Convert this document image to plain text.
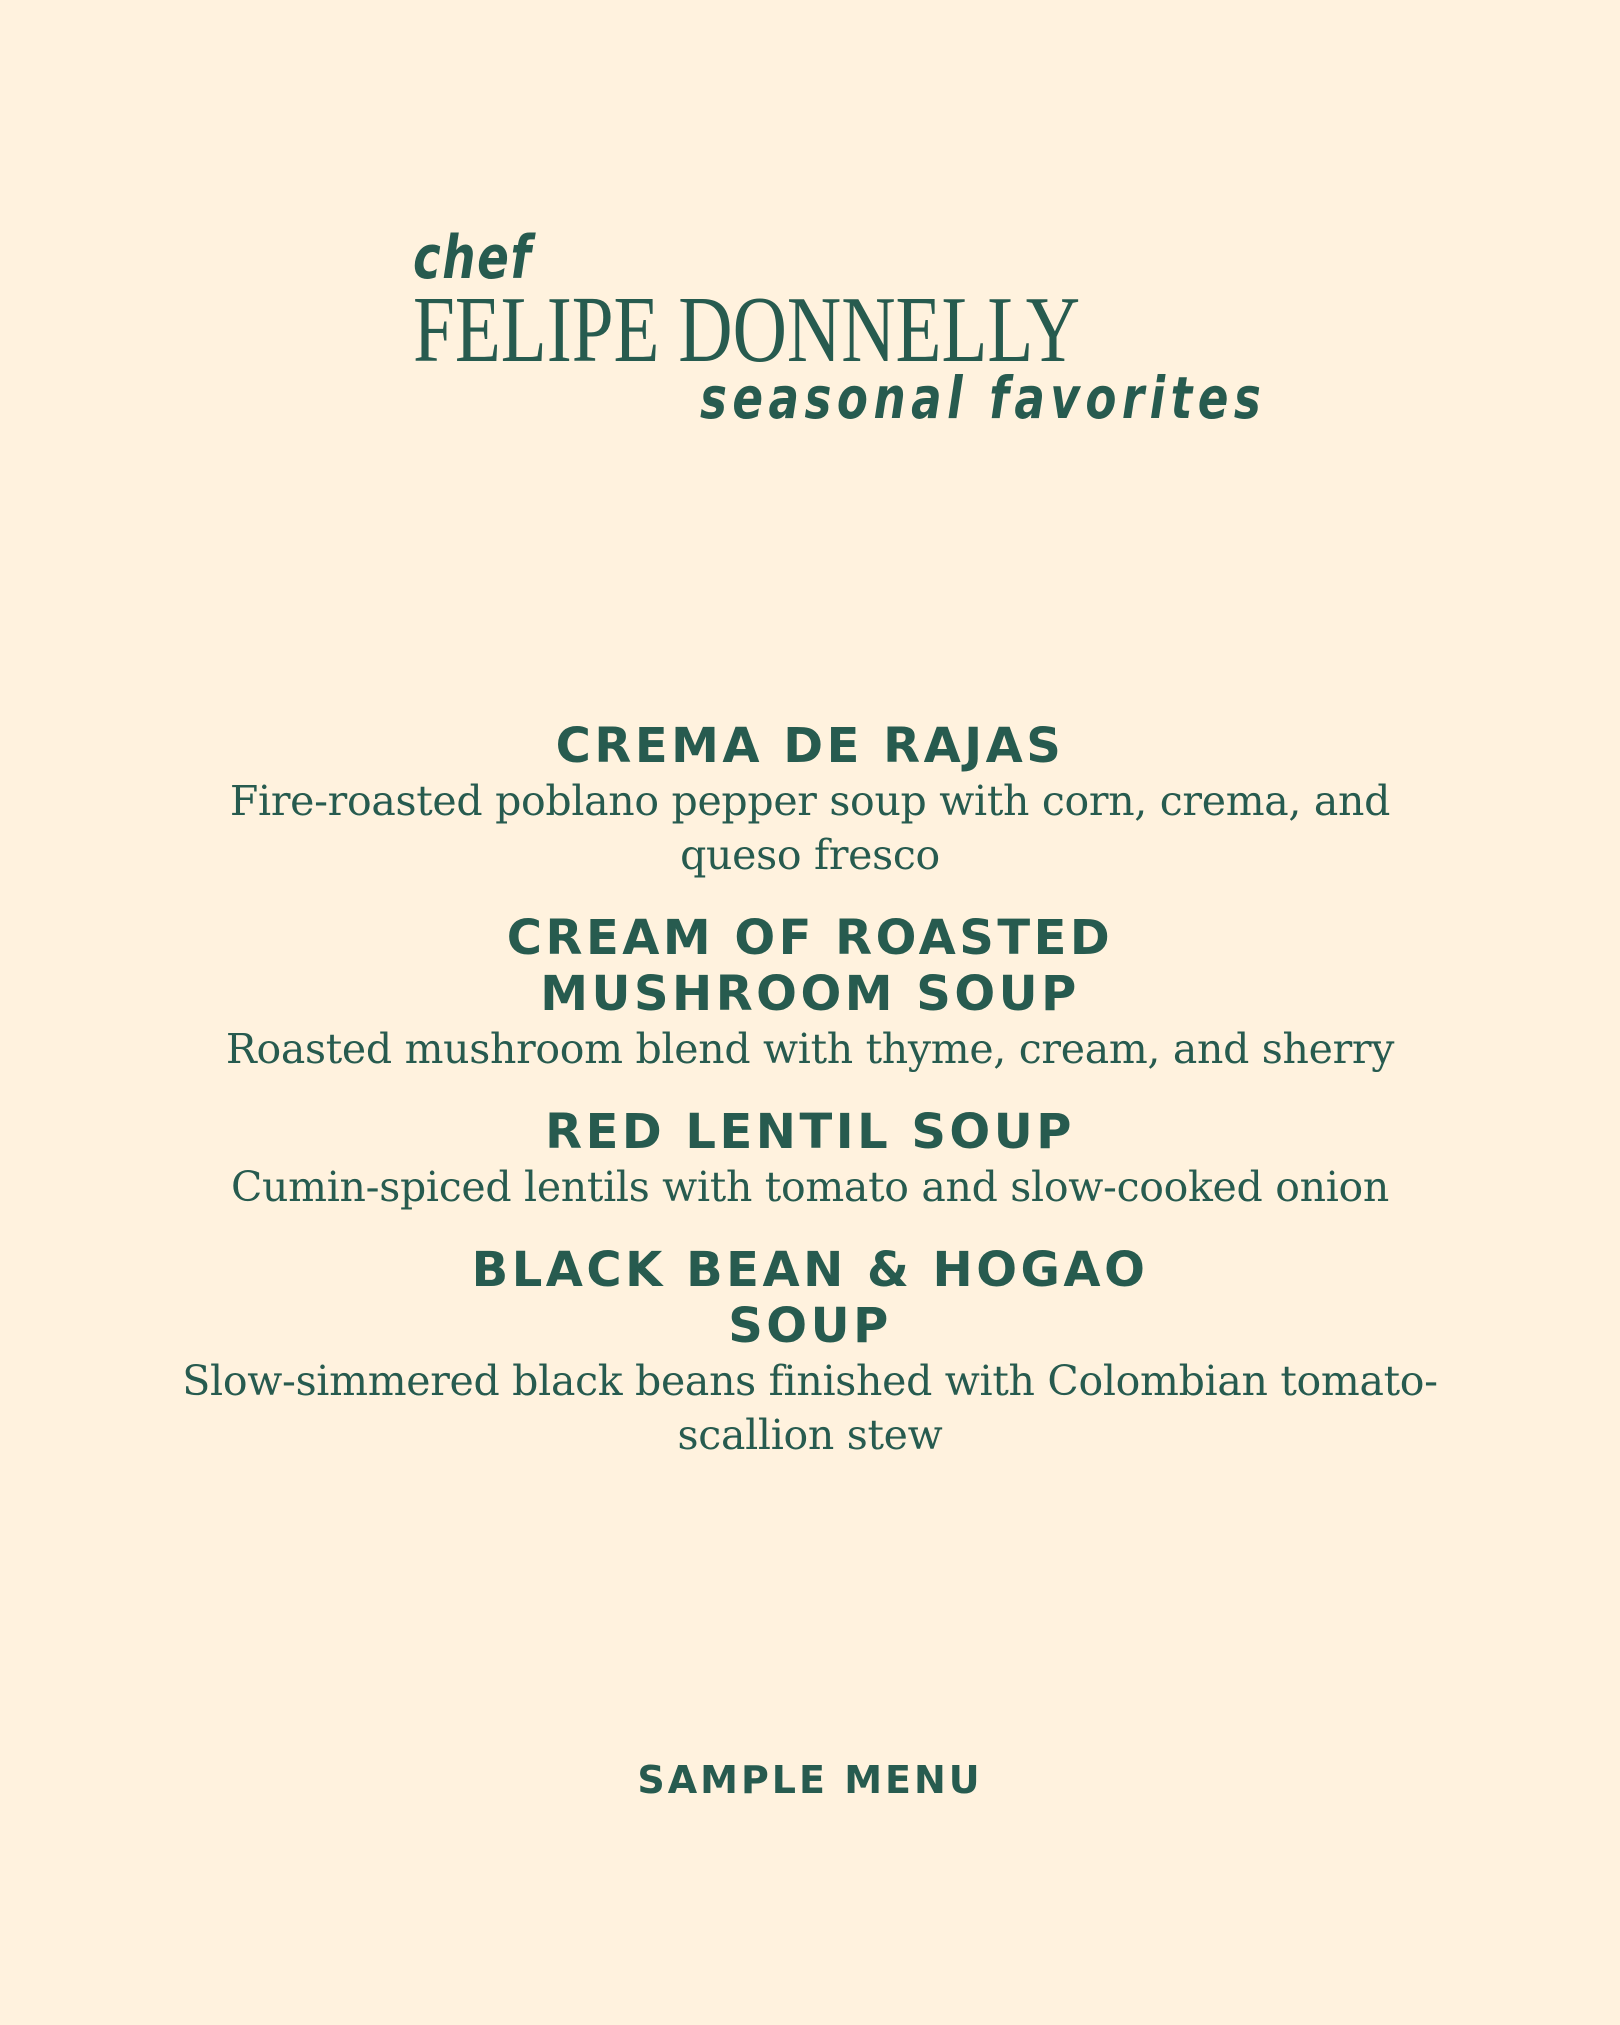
chef
FELIPE DONNELLY
seasonal favorites
CREMA DE RAJAS
Fire-roasted poblano pepper soup with corn, crema, and queso fresco
CREAM OF ROASTED MUSHROOM SOUP
Roasted mushroom blend with thyme, cream, and sherry
RED LENTIL SOUP
Cumin-spiced lentils with tomato and slow-cooked onion
BLACK BEAN & HOGAO SOUP
Slow-simmered black beans finished with Colombian tomato-scallion stew
SAMPLE MENU
